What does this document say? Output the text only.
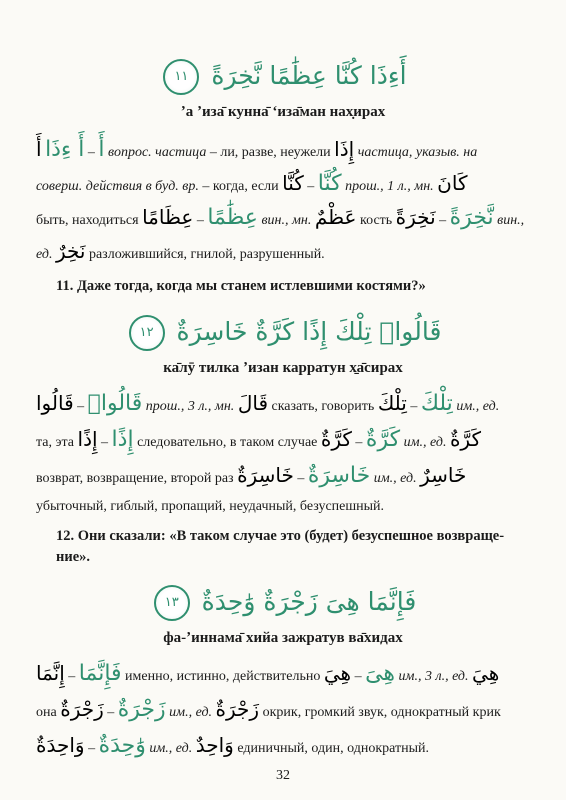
أَءِذَا كُنَّا عِظَٰمًا نَّخِرَةً ١١
ʼа ʼиза̄ кунна̄ ʻиза̄ман нах̣ирах
أَ – أَ ءِذَا أَ	вопрос. частица – ли, разве, неужели إِذَا частица, указыв. на
соверш. действия в буд. вр. – когда, если كُنَّا – كُنَّا	прош., 1 л., мн. كَانَ
быть, находиться	عِظَٰمًا – عِظَامًا	вин., мн. عَظْمٌ кость نَّخِرَةً – نَخِرَةً	вин.,
ед. نَخِرٌ разложившийся, гнилой, разрушенный.
11. Даже тогда, когда мы станем истлевшими костями?»
قَالُوا۟ تِلْكَ إِذًا كَرَّةٌ خَاسِرَةٌ ١٢
ка̄лӯ тилка ʼизан карратун х̱а̄сирах
قَالُوا۟ – قَالُوا	прош., 3 л., мн. قَالَ сказать, говорить تِلْكَ – تِلْكَ	им., ед.
та, эта إِذًا – إِذًا	следовательно, в таком случае كَرَّةٌ – كَرَّةٌ	им., ед. كَرَّةٌ
возврат, возвращение, второй раз	خَاسِرَةٌ – خَاسِرَةٌ	им., ед. خَاسِرٌ
убыточный, гиблый, пропащий, неудачный, безуспешный.
12. Они сказали: «В таком случае это (будет) безуспешное возвраще-ние».
فَإِنَّمَا هِىَ زَجْرَةٌ وَٰحِدَةٌ ١٣
фа-ʼиннама̄ хийа зажратув ва̄хидах
فَإِنَّمَا – إِنَّمَا	именно, истинно, действительно هِىَ – هِيَ	им., 3 л., ед. هِيَ
она	زَجْرَةٌ – زَجْرَةٌ	им., ед. زَجْرَةٌ окрик, громкий звук, однократный крик
وَٰحِدَةٌ – وَاحِدَةٌ	им., ед. وَاحِدٌ единичный, один, однократный.
32
